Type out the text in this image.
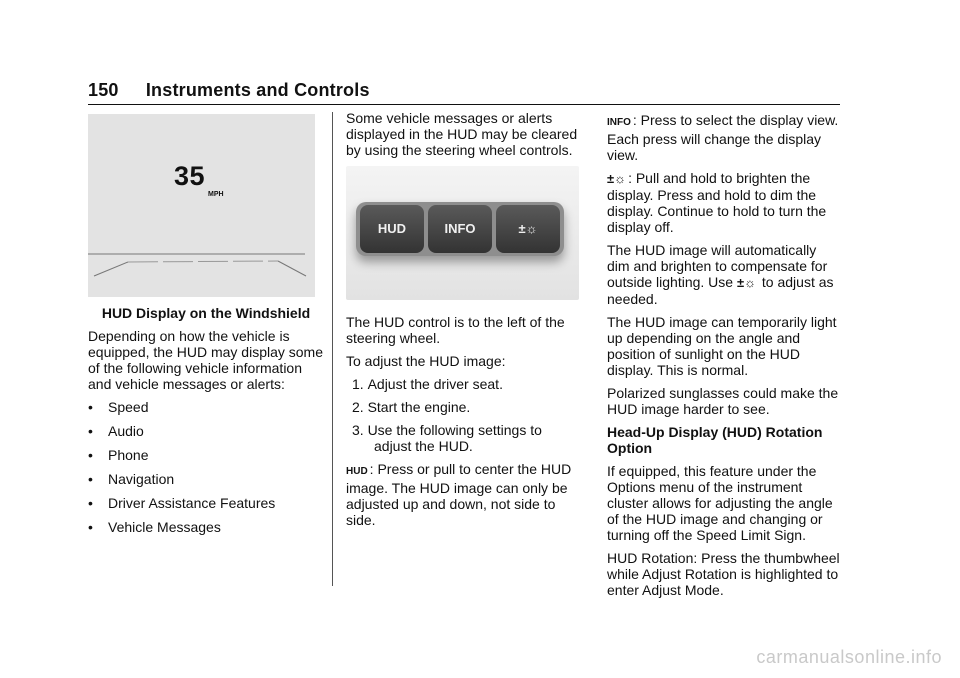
150 Instruments and Controls
35
MPH

HUD Display on the Windshield

Depending on how the vehicle is equipped, the HUD may display some of the following vehicle information and vehicle messages or alerts:

• Speed
• Audio
• Phone
• Navigation
• Driver Assistance Features
• Vehicle Messages

Some vehicle messages or alerts displayed in the HUD may be cleared by using the steering wheel controls.

HUD	INFO	±☼

The HUD control is to the left of the steering wheel.

To adjust the HUD image:

1. Adjust the driver seat.
2. Start the engine.
3. Use the following settings to adjust the HUD.

HUD : Press or pull to center the HUD image. The HUD image can only be adjusted up and down, not side to side.

INFO : Press to select the display view. Each press will change the display view.

±☼ : Pull and hold to brighten the display. Press and hold to dim the display. Continue to hold to turn the display off.

The HUD image will automatically dim and brighten to compensate for outside lighting. Use ±☼ to adjust as needed.

The HUD image can temporarily light up depending on the angle and position of sunlight on the HUD display. This is normal.

Polarized sunglasses could make the HUD image harder to see.

Head-Up Display (HUD) Rotation Option

If equipped, this feature under the Options menu of the instrument cluster allows for adjusting the angle of the HUD image and changing or turning off the Speed Limit Sign.

HUD Rotation: Press the thumbwheel while Adjust Rotation is highlighted to enter Adjust Mode.

carmanualsonline.info
